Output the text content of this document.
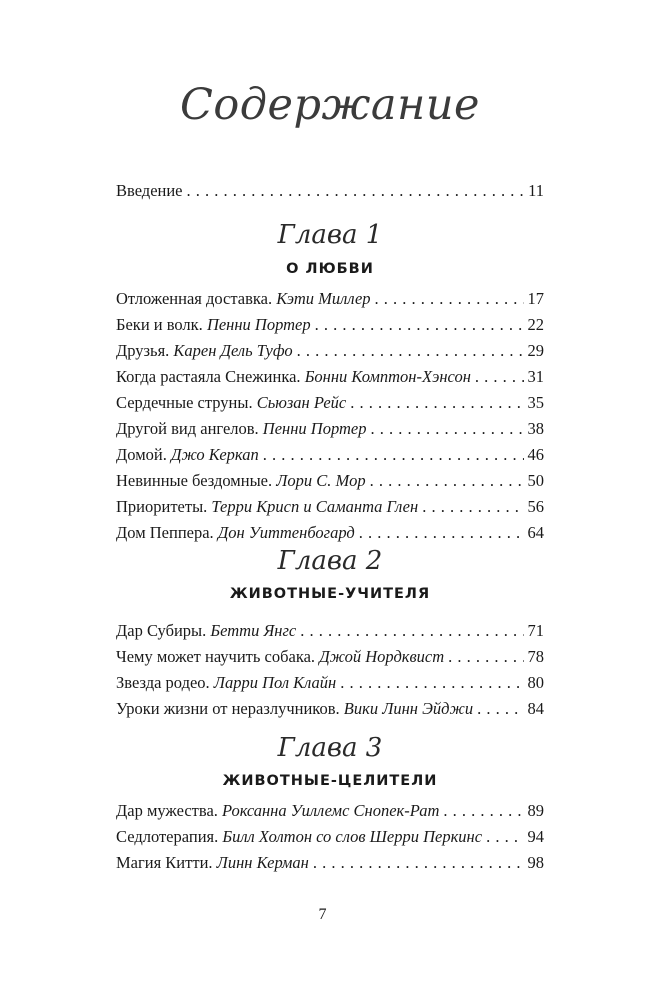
Содержание
Введение . . .	11
Глава 1
О ЛЮБВИ
Отложенная доставка. Кэти Миллер . . .	17
Беки и волк. Пенни Портер . . .	22
Друзья. Карен Дель Туфо . . .	29
Когда растаяла Снежинка. Бонни Комптон-Хэнсон . . .	31
Сердечные струны. Сьюзан Рейс . . .	35
Другой вид ангелов. Пенни Портер . . .	38
Домой. Джо Керкап . . .	46
Невинные бездомные. Лори С. Мор . . .	50
Приоритеты. Терри Крисп и Саманта Глен . . .	56
Дом Пеппера. Дон Уиттенбогард . . .	64
Глава 2
ЖИВОТНЫЕ-УЧИТЕЛЯ
Дар Субиры. Бетти Янгс . . .	71
Чему может научить собака. Джой Нордквист . . .	78
Звезда родео. Ларри Пол Клайн . . .	80
Уроки жизни от неразлучников. Вики Линн Эйджи . . .	84
Глава 3
ЖИВОТНЫЕ-ЦЕЛИТЕЛИ
Дар мужества. Роксанна Уиллемс Снопек-Рат . . .	89
Седлотерапия. Билл Холтон со слов Шерри Перкинс . . .	94
Магия Китти. Линн Керман . . .	98
7
